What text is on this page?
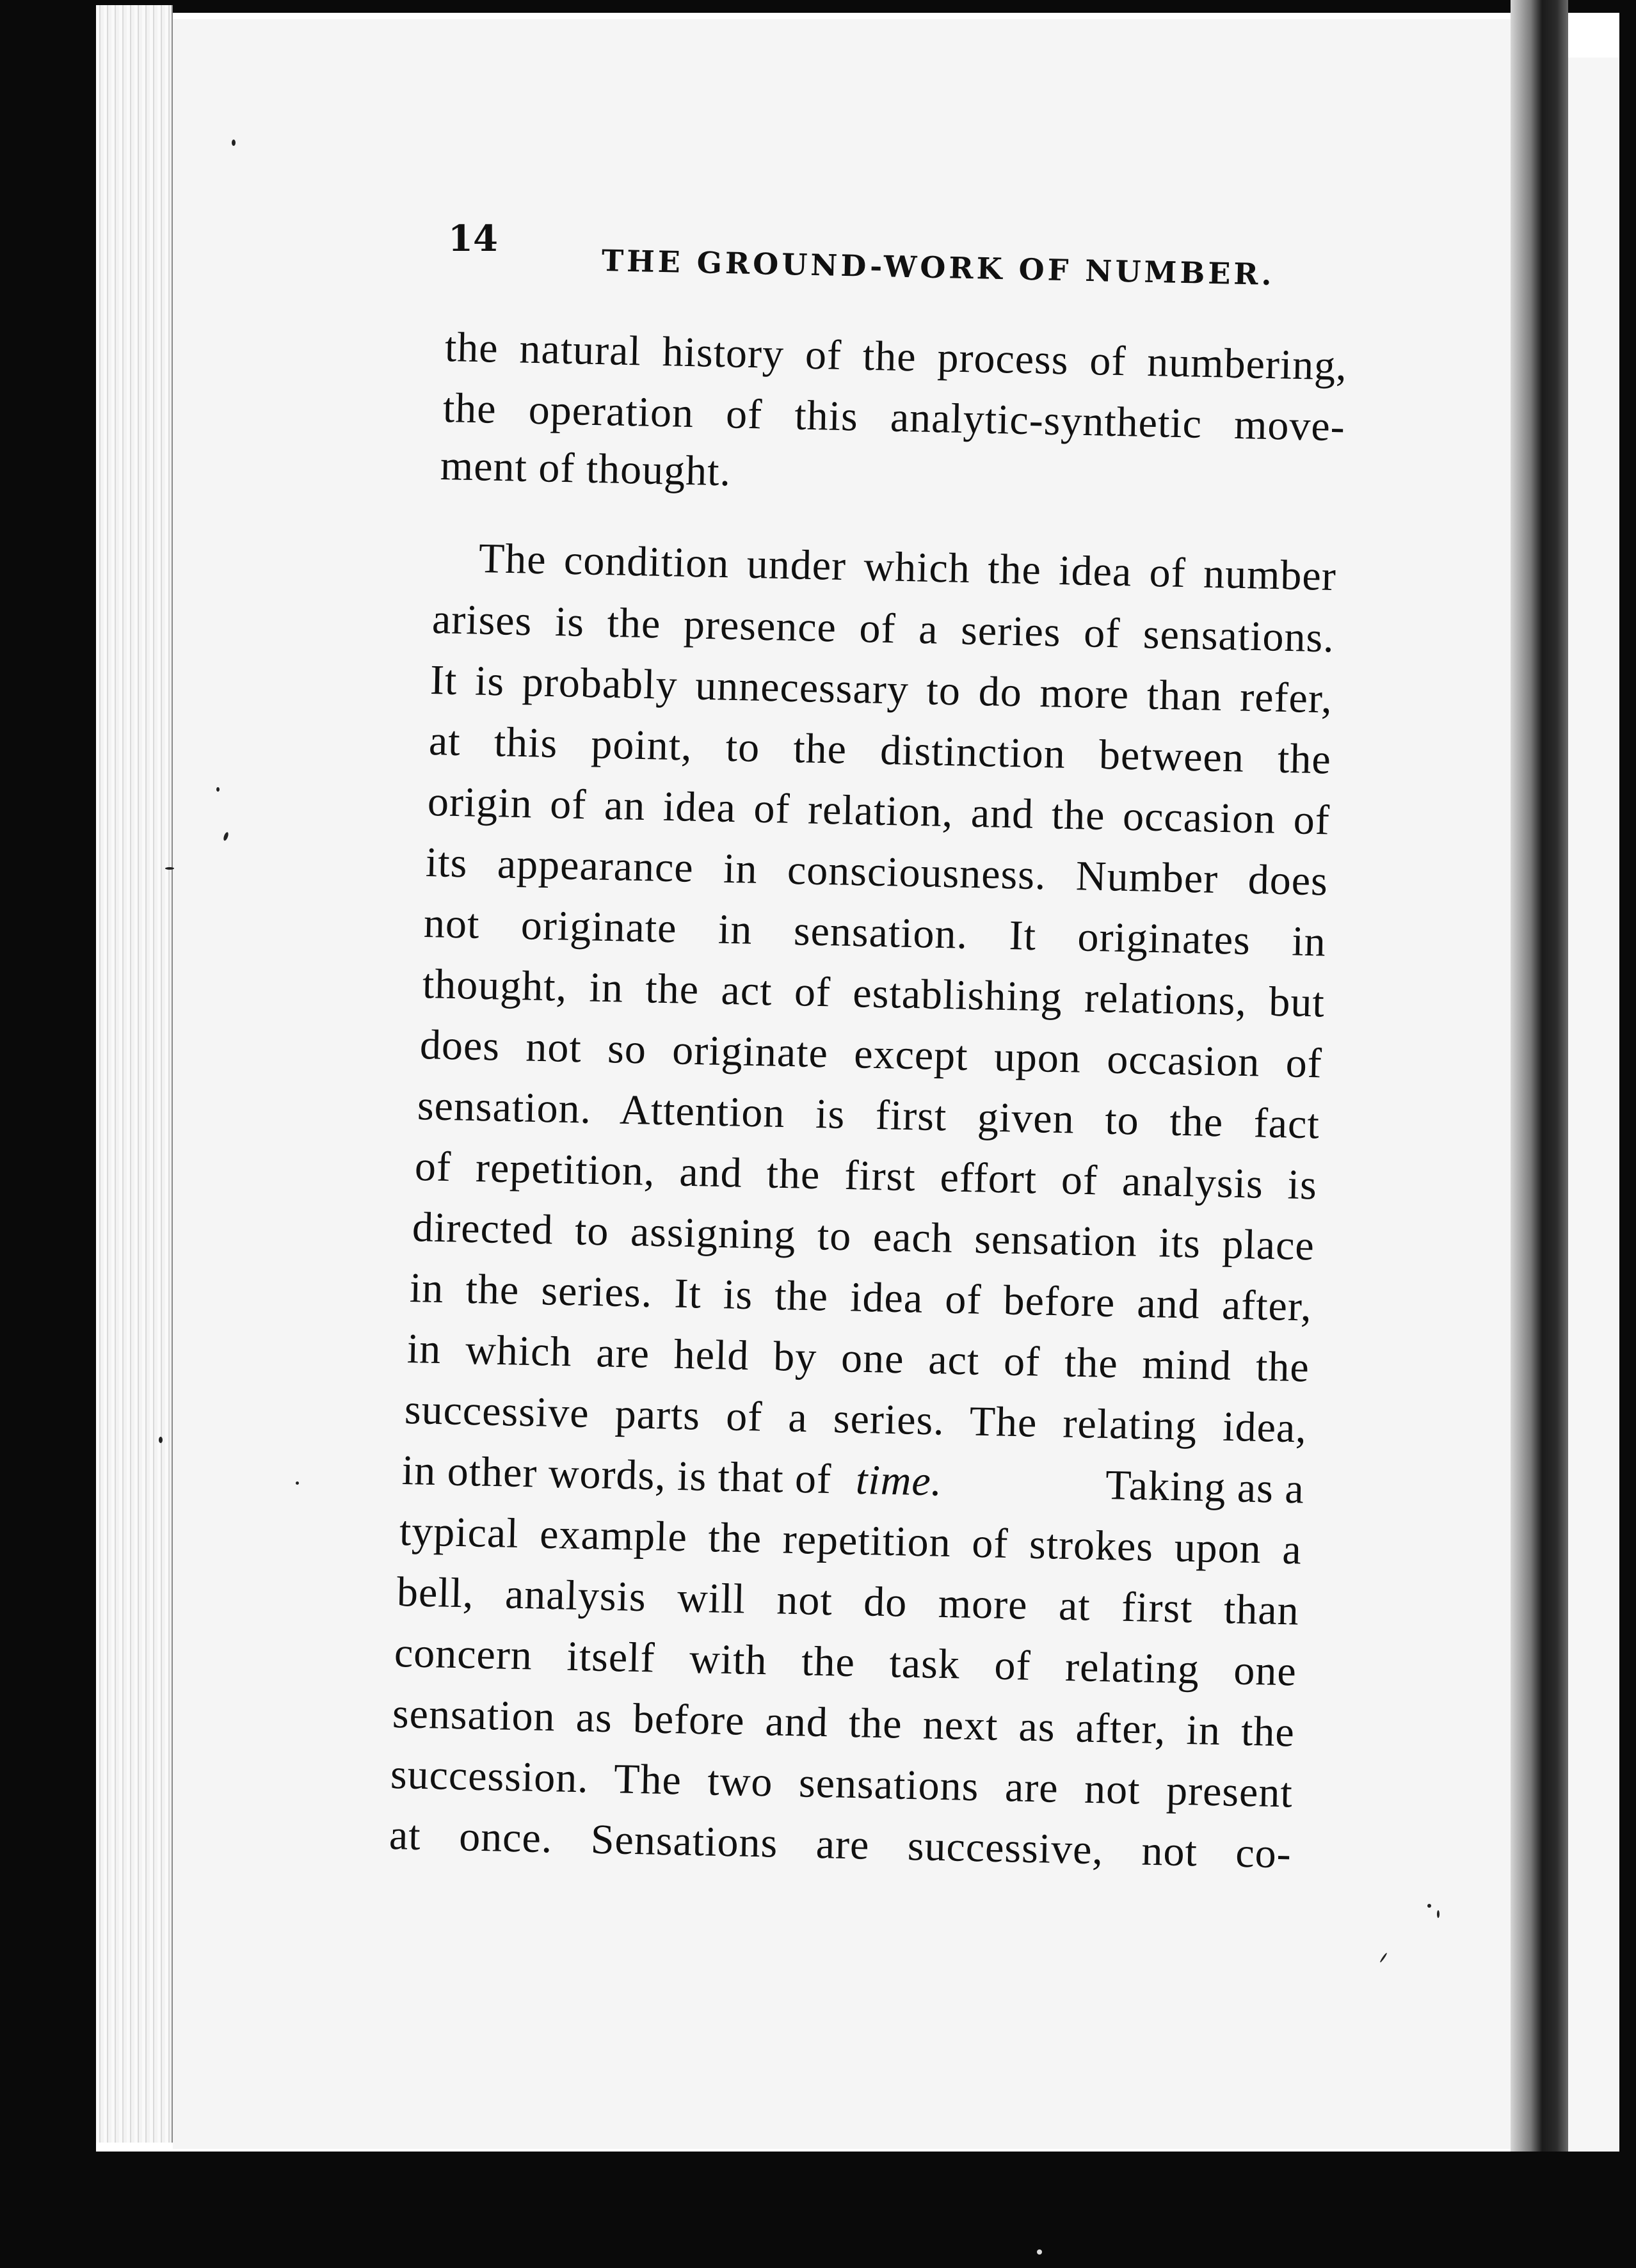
14
THE GROUND-WORK OF NUMBER.
the natural history of the process of numbering,
the operation of this analytic-synthetic move-
ment of thought.
The condition under which the idea of number
arises is the presence of a series of sensations.
It is probably unnecessary to do more than refer,
at this point, to the distinction between the
origin of an idea of relation, and the occasion of
its appearance in consciousness. Number does
not originate in sensation. It originates in
thought, in the act of establishing relations, but
does not so originate except upon occasion of
sensation. Attention is first given to the fact
of repetition, and the first effort of analysis is
directed to assigning to each sensation its place
in the series. It is the idea of before and after,
in which are held by one act of the mind the
successive parts of a series. The relating idea,
in other words, is that of time.	Taking as a
typical example the repetition of strokes upon a
bell, analysis will not do more at first than
concern itself with the task of relating one
sensation as before and the next as after, in the
succession. The two sensations are not present
at once. Sensations are successive, not co-
